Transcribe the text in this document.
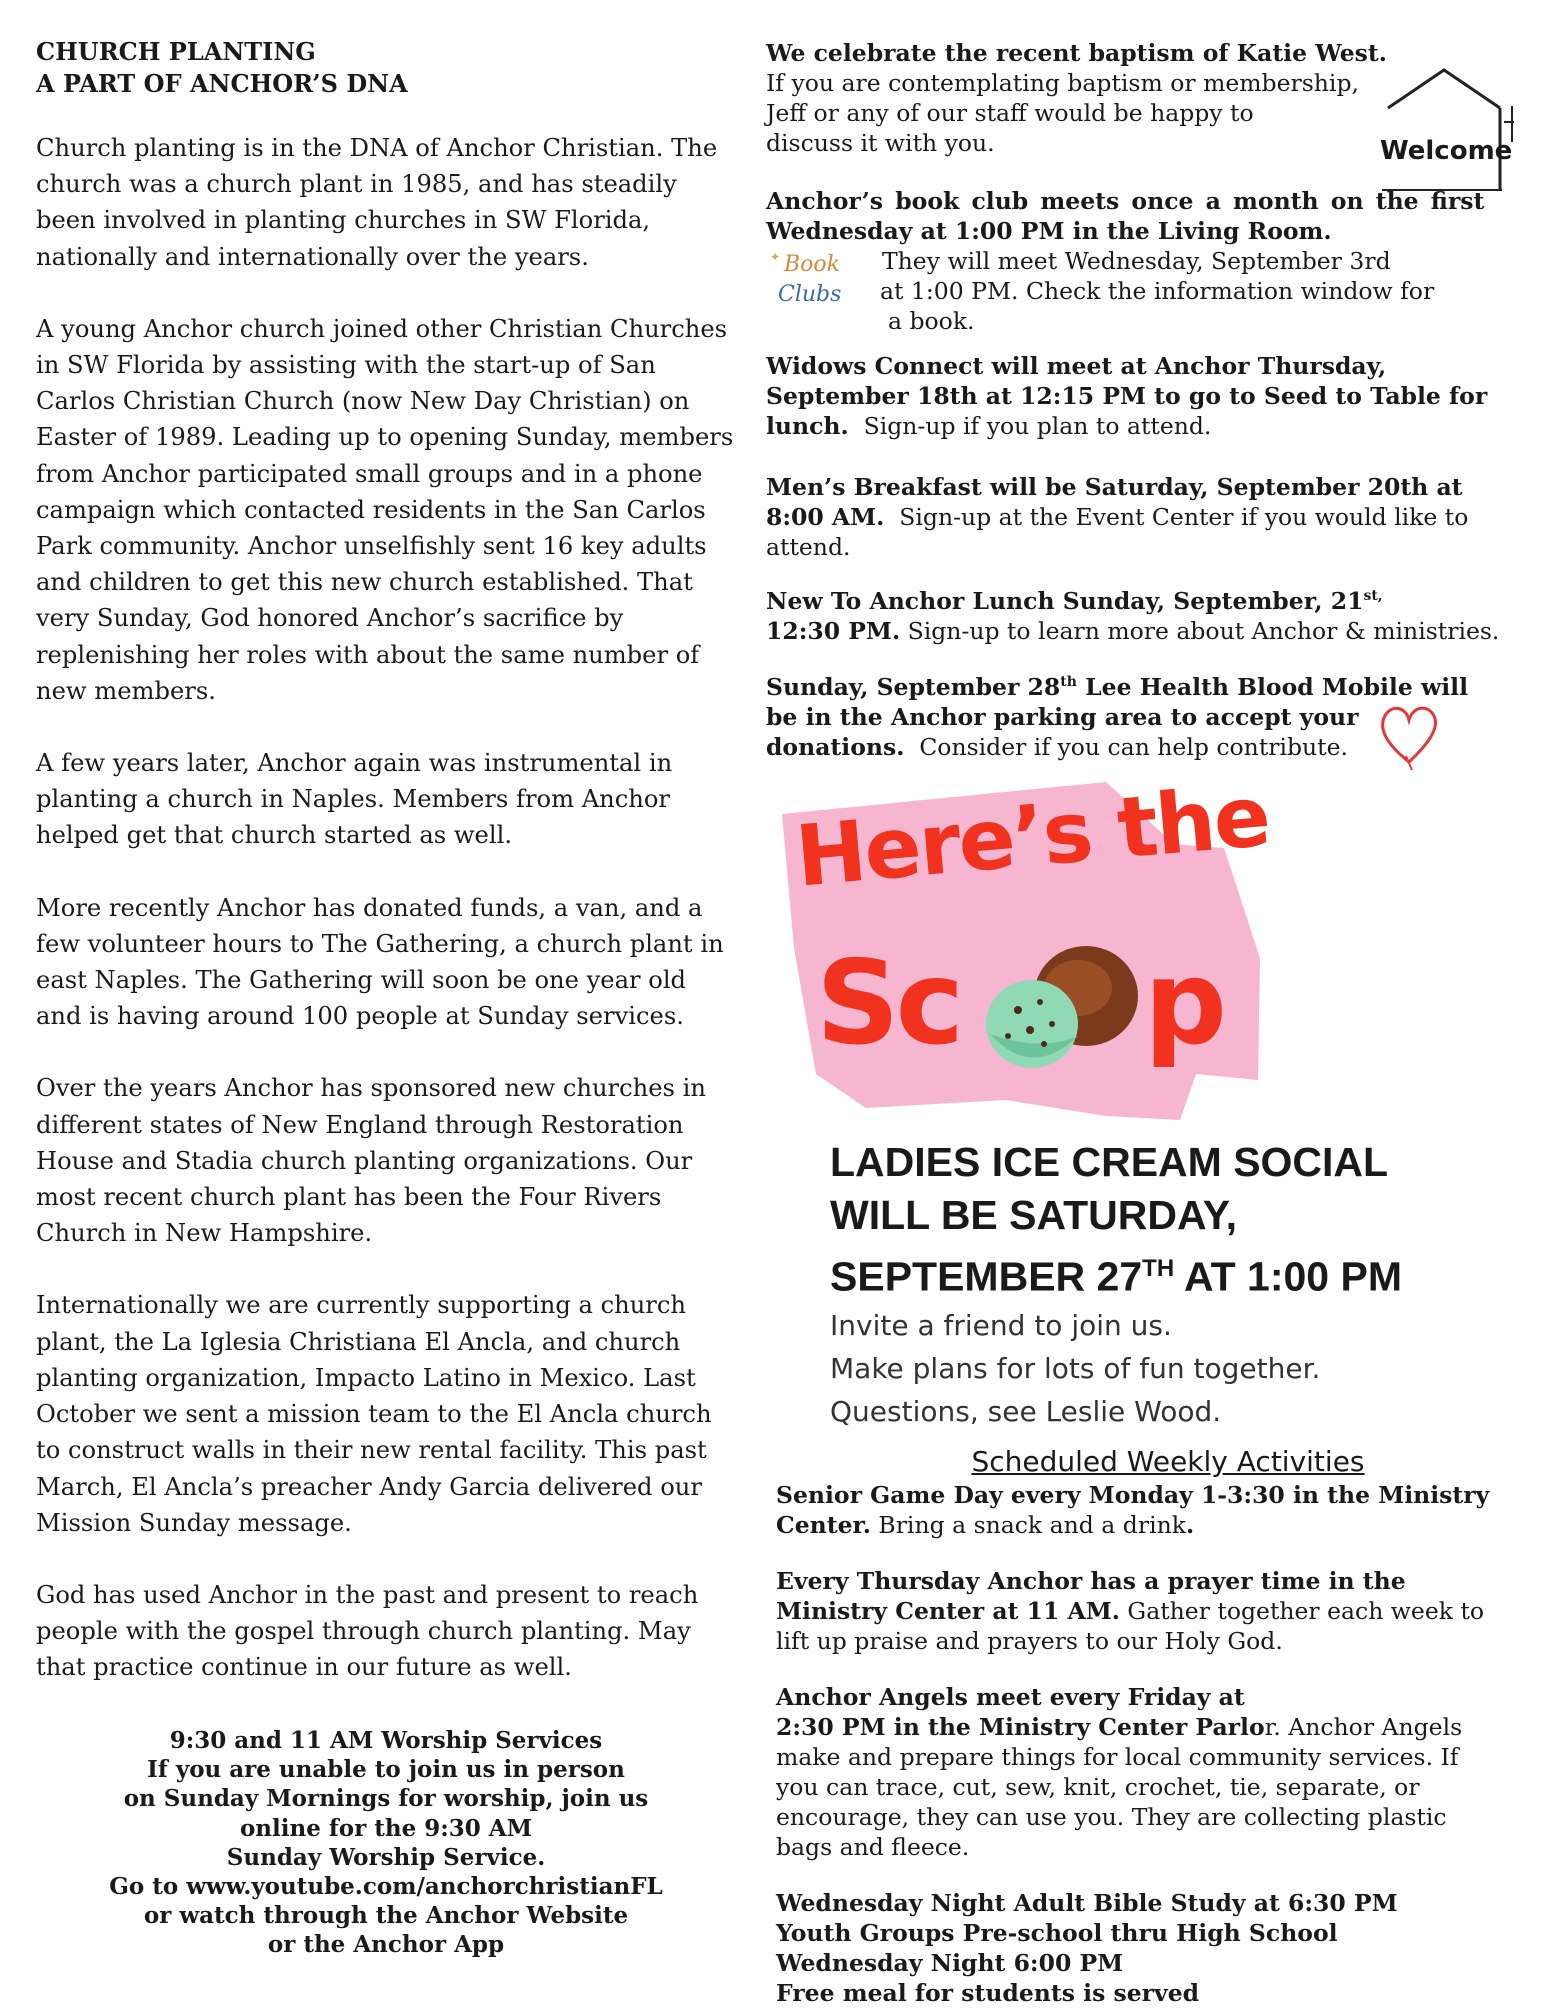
CHURCH PLANTING

A PART OF ANCHOR’S DNA

Church planting is in the DNA of Anchor Christian. The church was a church plant in 1985, and has steadily been involved in planting churches in SW Florida, nationally and internationally over the years.

A young Anchor church joined other Christian Churches in SW Florida by assisting with the start-up of San Carlos Christian Church (now New Day Christian) on Easter of 1989. Leading up to opening Sunday, members from Anchor participated small groups and in a phone campaign which contacted residents in the San Carlos Park community. Anchor unselfishly sent 16 key adults and children to get this new church established. That very Sunday, God honored Anchor’s sacrifice by replenishing her roles with about the same number of new members.

A few years later, Anchor again was instrumental in planting a church in Naples. Members from Anchor helped get that church started as well.

More recently Anchor has donated funds, a van, and a few volunteer hours to The Gathering, a church plant in east Naples. The Gathering will soon be one year old and is having around 100 people at Sunday services.

Over the years Anchor has sponsored new churches in different states of New England through Restoration House and Stadia church planting organizations. Our most recent church plant has been the Four Rivers Church in New Hampshire.

Internationally we are currently supporting a church plant, the La Iglesia Christiana El Ancla, and church planting organization, Impacto Latino in Mexico. Last October we sent a mission team to the El Ancla church to construct walls in their new rental facility. This past March, El Ancla’s preacher Andy Garcia delivered our Mission Sunday message.

God has used Anchor in the past and present to reach people with the gospel through church planting. May that practice continue in our future as well.

9:30 and 11 AM Worship Services
If you are unable to join us in person
on Sunday Mornings for worship, join us
online for the 9:30 AM
Sunday Worship Service.
Go to www.youtube.com/anchorchristianFL
or watch through the Anchor Website
or the Anchor App

We celebrate the recent baptism of Katie West.

If you are contemplating baptism or membership,

Jeff or any of our staff would be happy to

discuss it with you.	Welcome

Anchor’s book club meets once a month on the first

Wednesday at 1:00 PM in the Living Room.

✦ Book
Clubs

They will meet Wednesday, September 3rd

at 1:00 PM. Check the information window for

a book.

Widows Connect will meet at Anchor Thursday,

September 18th at 12:15 PM to go to Seed to Table for

lunch.  Sign-up if you plan to attend.

Men’s Breakfast will be Saturday, September 20th at

8:00 AM.  Sign-up at the Event Center if you would like to

attend.

New To Anchor Lunch Sunday, September, $21^{st,}$

12:30 PM. Sign-up to learn more about Anchor & ministries.

Sunday, September 28th Lee Health Blood Mobile will

be in the Anchor parking area to accept your

donations.  Consider if you can help contribute.

Here’s the
Sc p
LADIES ICE CREAM SOCIAL
WILL BE SATURDAY,
SEPTEMBER 27TH AT 1:00 PM
Invite a friend to join us.
Make plans for lots of fun together.
Questions, see Leslie Wood.
Scheduled Weekly Activities

Senior Game Day every Monday 1-3:30 in the Ministry

Center. Bring a snack and a drink.

Every Thursday Anchor has a prayer time in the

Ministry Center at 11 AM. Gather together each week to

lift up praise and prayers to our Holy God.

Anchor Angels meet every Friday at

2:30 PM in the Ministry Center Parlor. Anchor Angels

make and prepare things for local community services. If

you can trace, cut, sew, knit, crochet, tie, separate, or

encourage, they can use you. They are collecting plastic

bags and fleece.

Wednesday Night Adult Bible Study at 6:30 PM

Youth Groups Pre-school thru High School

Wednesday Night 6:00 PM

Free meal for students is served
